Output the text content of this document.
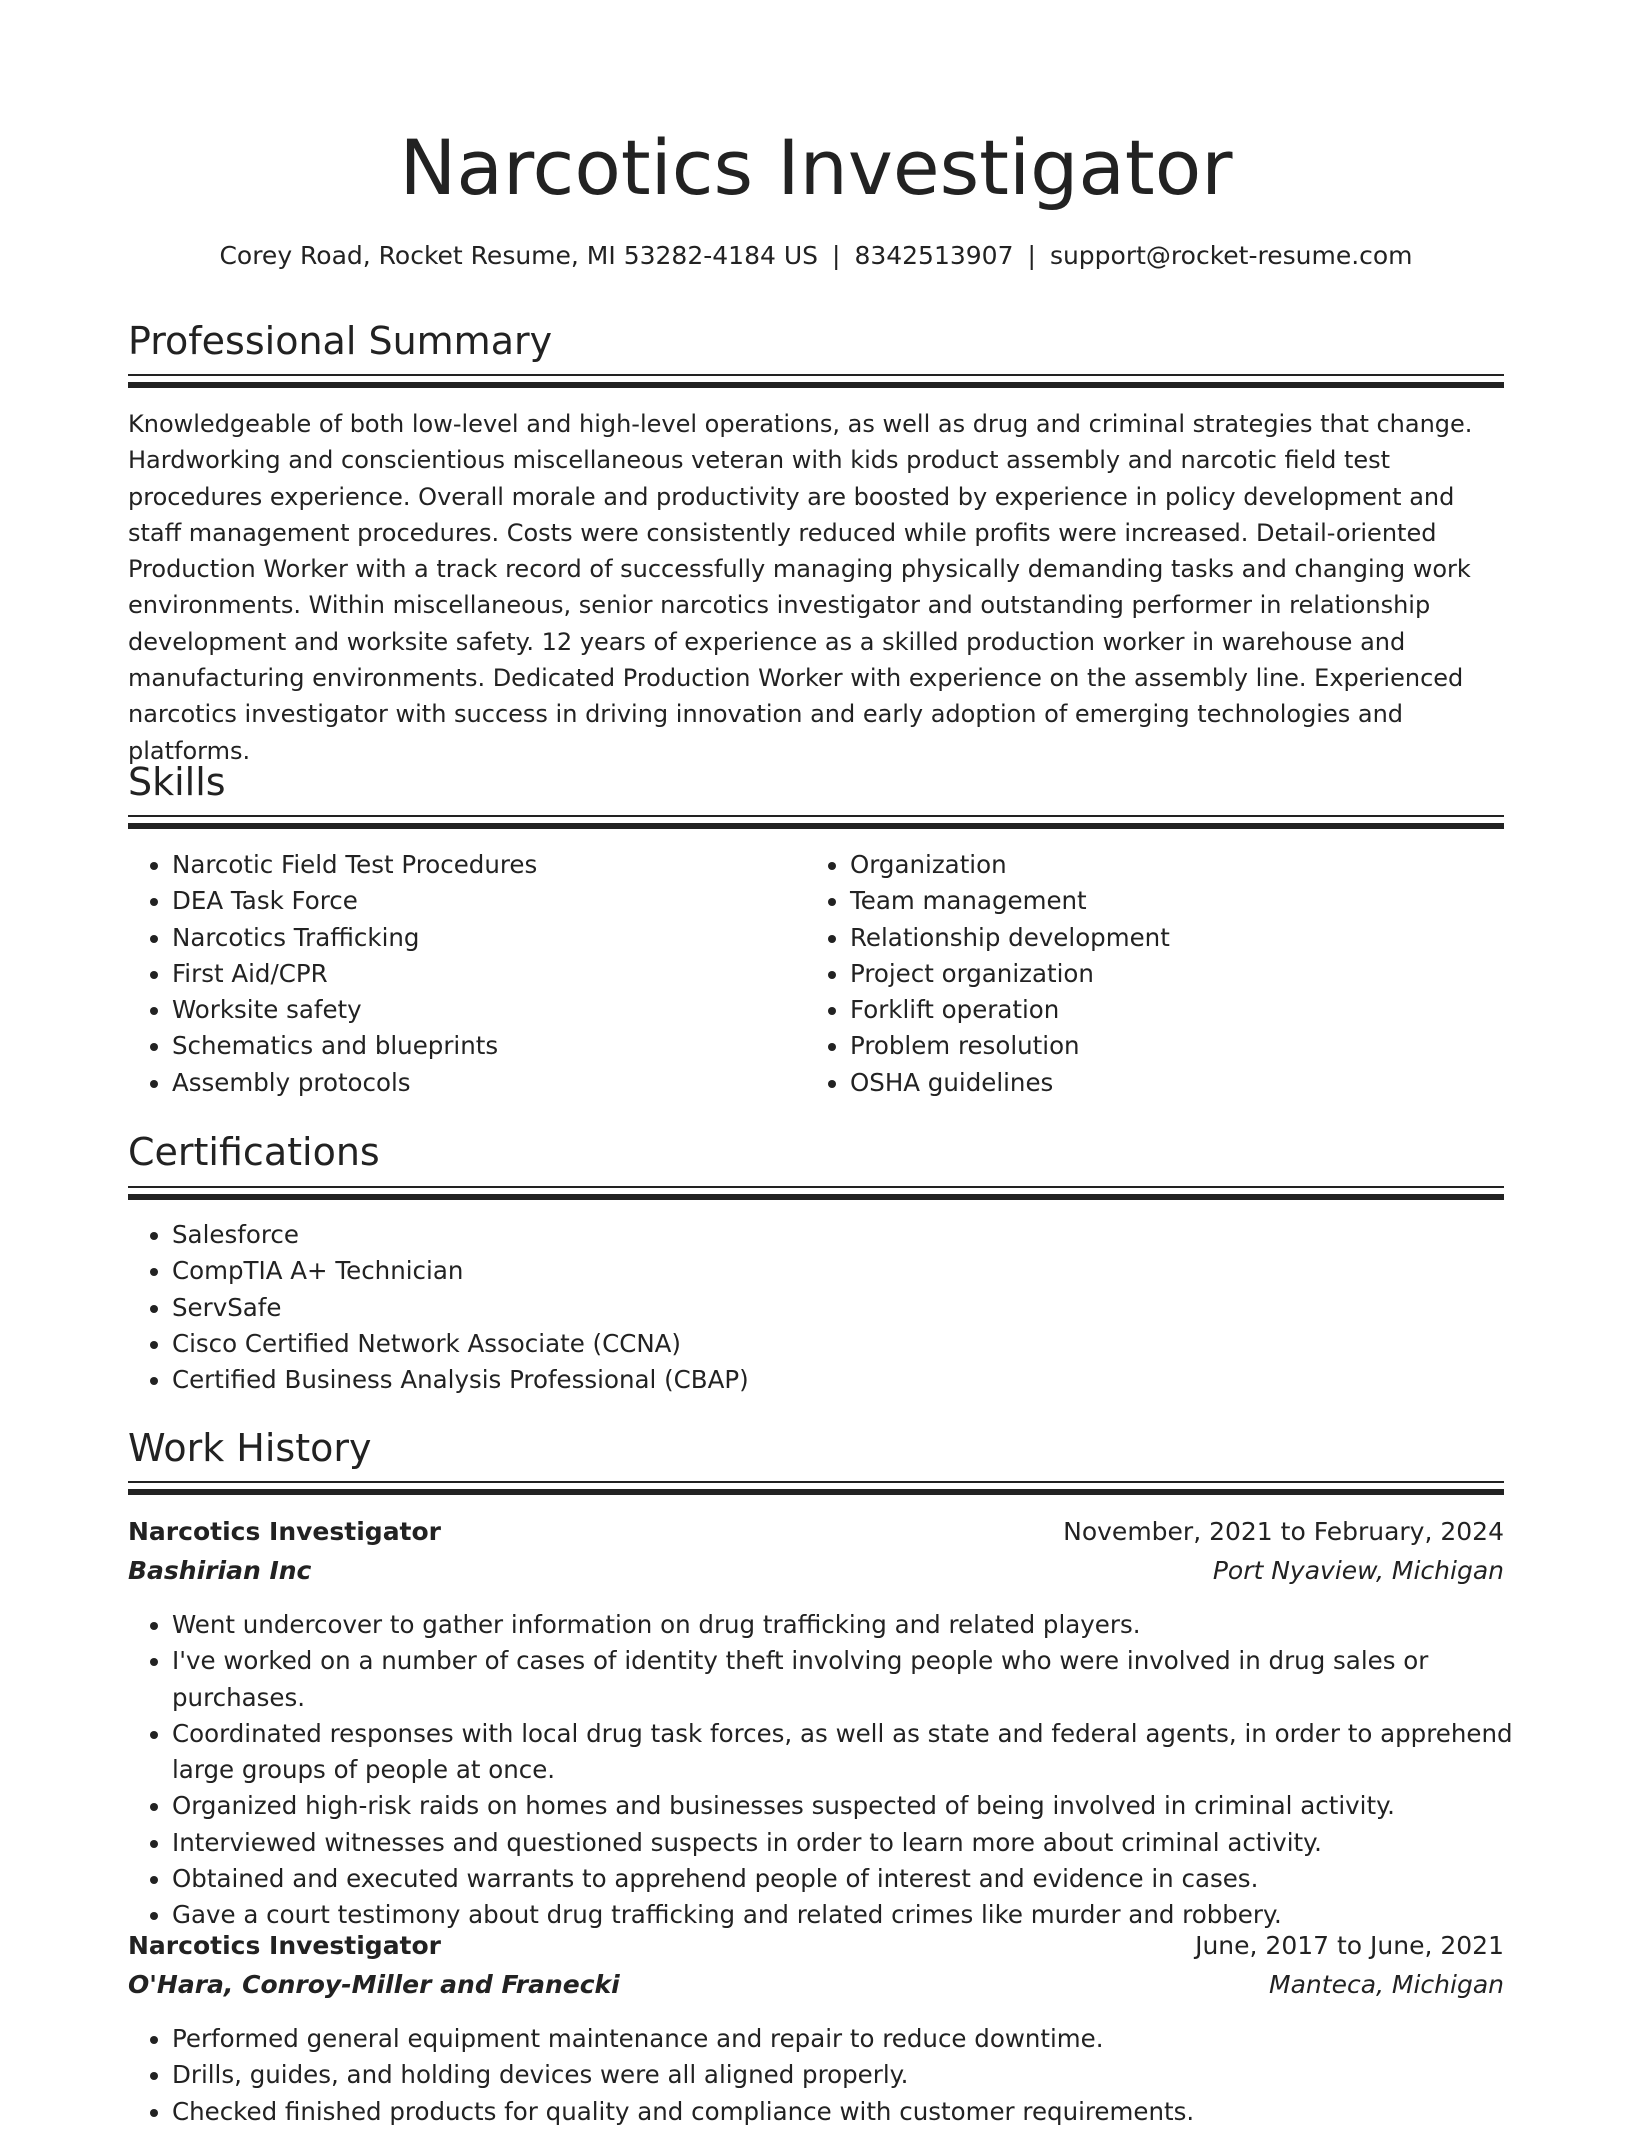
Narcotics Investigator
Corey Road, Rocket Resume, MI 53282-4184 US | 8342513907 | support@rocket-resume.com
Professional Summary

Knowledgeable of both low-level and high-level operations, as well as drug and criminal strategies that change. Hardworking and conscientious miscellaneous veteran with kids product assembly and narcotic field test procedures experience. Overall morale and productivity are boosted by experience in policy development and staff management procedures. Costs were consistently reduced while profits were increased. Detail-oriented Production Worker with a track record of successfully managing physically demanding tasks and changing work environments. Within miscellaneous, senior narcotics investigator and outstanding performer in relationship development and worksite safety. 12 years of experience as a skilled production worker in warehouse and manufacturing environments. Dedicated Production Worker with experience on the assembly line. Experienced narcotics investigator with success in driving innovation and early adoption of emerging technologies and platforms.

Skills
• Narcotic Field Test Procedures
• DEA Task Force
• Narcotics Trafficking
• First Aid/CPR
• Worksite safety
• Schematics and blueprints
• Assembly protocols
• Organization
• Team management
• Relationship development
• Project organization
• Forklift operation
• Problem resolution
• OSHA guidelines
Certifications
• Salesforce
• CompTIA A+ Technician
• ServSafe
• Cisco Certified Network Associate (CCNA)
• Certified Business Analysis Professional (CBAP)
Work History
Narcotics Investigator	November, 2021 to February, 2024
Bashirian Inc	Port Nyaview, Michigan
• Went undercover to gather information on drug trafficking and related players.
• I've worked on a number of cases of identity theft involving people who were involved in drug sales or purchases.
• Coordinated responses with local drug task forces, as well as state and federal agents, in order to apprehend large groups of people at once.
• Organized high-risk raids on homes and businesses suspected of being involved in criminal activity.
• Interviewed witnesses and questioned suspects in order to learn more about criminal activity.
• Obtained and executed warrants to apprehend people of interest and evidence in cases.
• Gave a court testimony about drug trafficking and related crimes like murder and robbery.
Narcotics Investigator	June, 2017 to June, 2021
O'Hara, Conroy-Miller and Franecki	Manteca, Michigan
• Performed general equipment maintenance and repair to reduce downtime.
• Drills, guides, and holding devices were all aligned properly.
• Checked finished products for quality and compliance with customer requirements.
